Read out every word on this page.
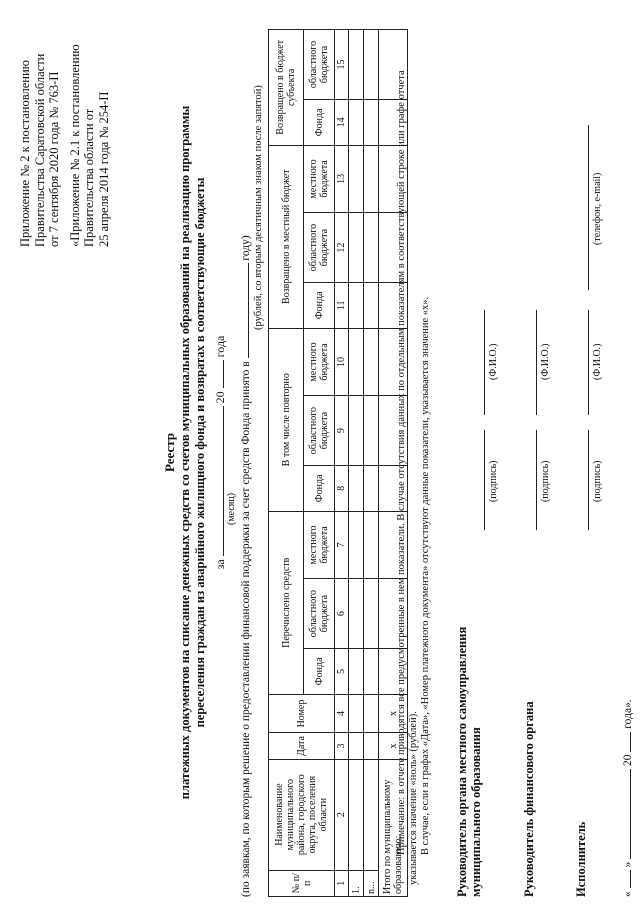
Приложение № 2 к постановлению Правительства Саратовской области от 7 сентября 2020 года № 763-П «Приложение № 2.1 к постановлению Правительства области от 25 апреля 2014 года № 254-П
Реестр платежных документов на списание денежных средств со счетов муниципальных образований на реализацию программы переселения граждан из аварийного жилищного фонда и возвратах в соответствующие бюджеты за  20  года
(месяц) (по заявкам, по которым решение о предоставлении финансовой поддержки за счет средств Фонда принято в  году) (рублей, со вторым десятичным знаком после запятой)
№ п/п	Наименование муниципального района, городского округа, поселения области	Дата	Номер	Перечислено средств			В том числе повторно			Возвращено в местный бюджет			Возвращено в бюджет субъекта	
				Фонда	областного бюджета	местного бюджета	Фонда	областного бюджета	местного бюджета	Фонда	областного бюджета	местного бюджета	Фонда	областного бюджета
1	2	3	4	5	6	7	8	9	10	11	12	13	14	15
1.														
n...														
Итого по муниципальному образованию:		x	x											
Примечание: в отчете приводятся все предусмотренные в нем показатели. В случае отсутствия данных по отдельным показателям в соответствующей строке или графе отчета указывается значение «ноль» (рублей). В случае, если в графах «Дата», «Номер платежного документа» отсутствуют данные показатели, указывается значение «х». Руководитель органа местного самоуправления муниципального образования
(подпись)
(Ф.И.О.)
Руководитель финансового органа
(подпись)
(Ф.И.О.)
Исполнитель
(подпись)
(Ф.И.О.)
(телефон, e-mail)
«  »  20  года».
